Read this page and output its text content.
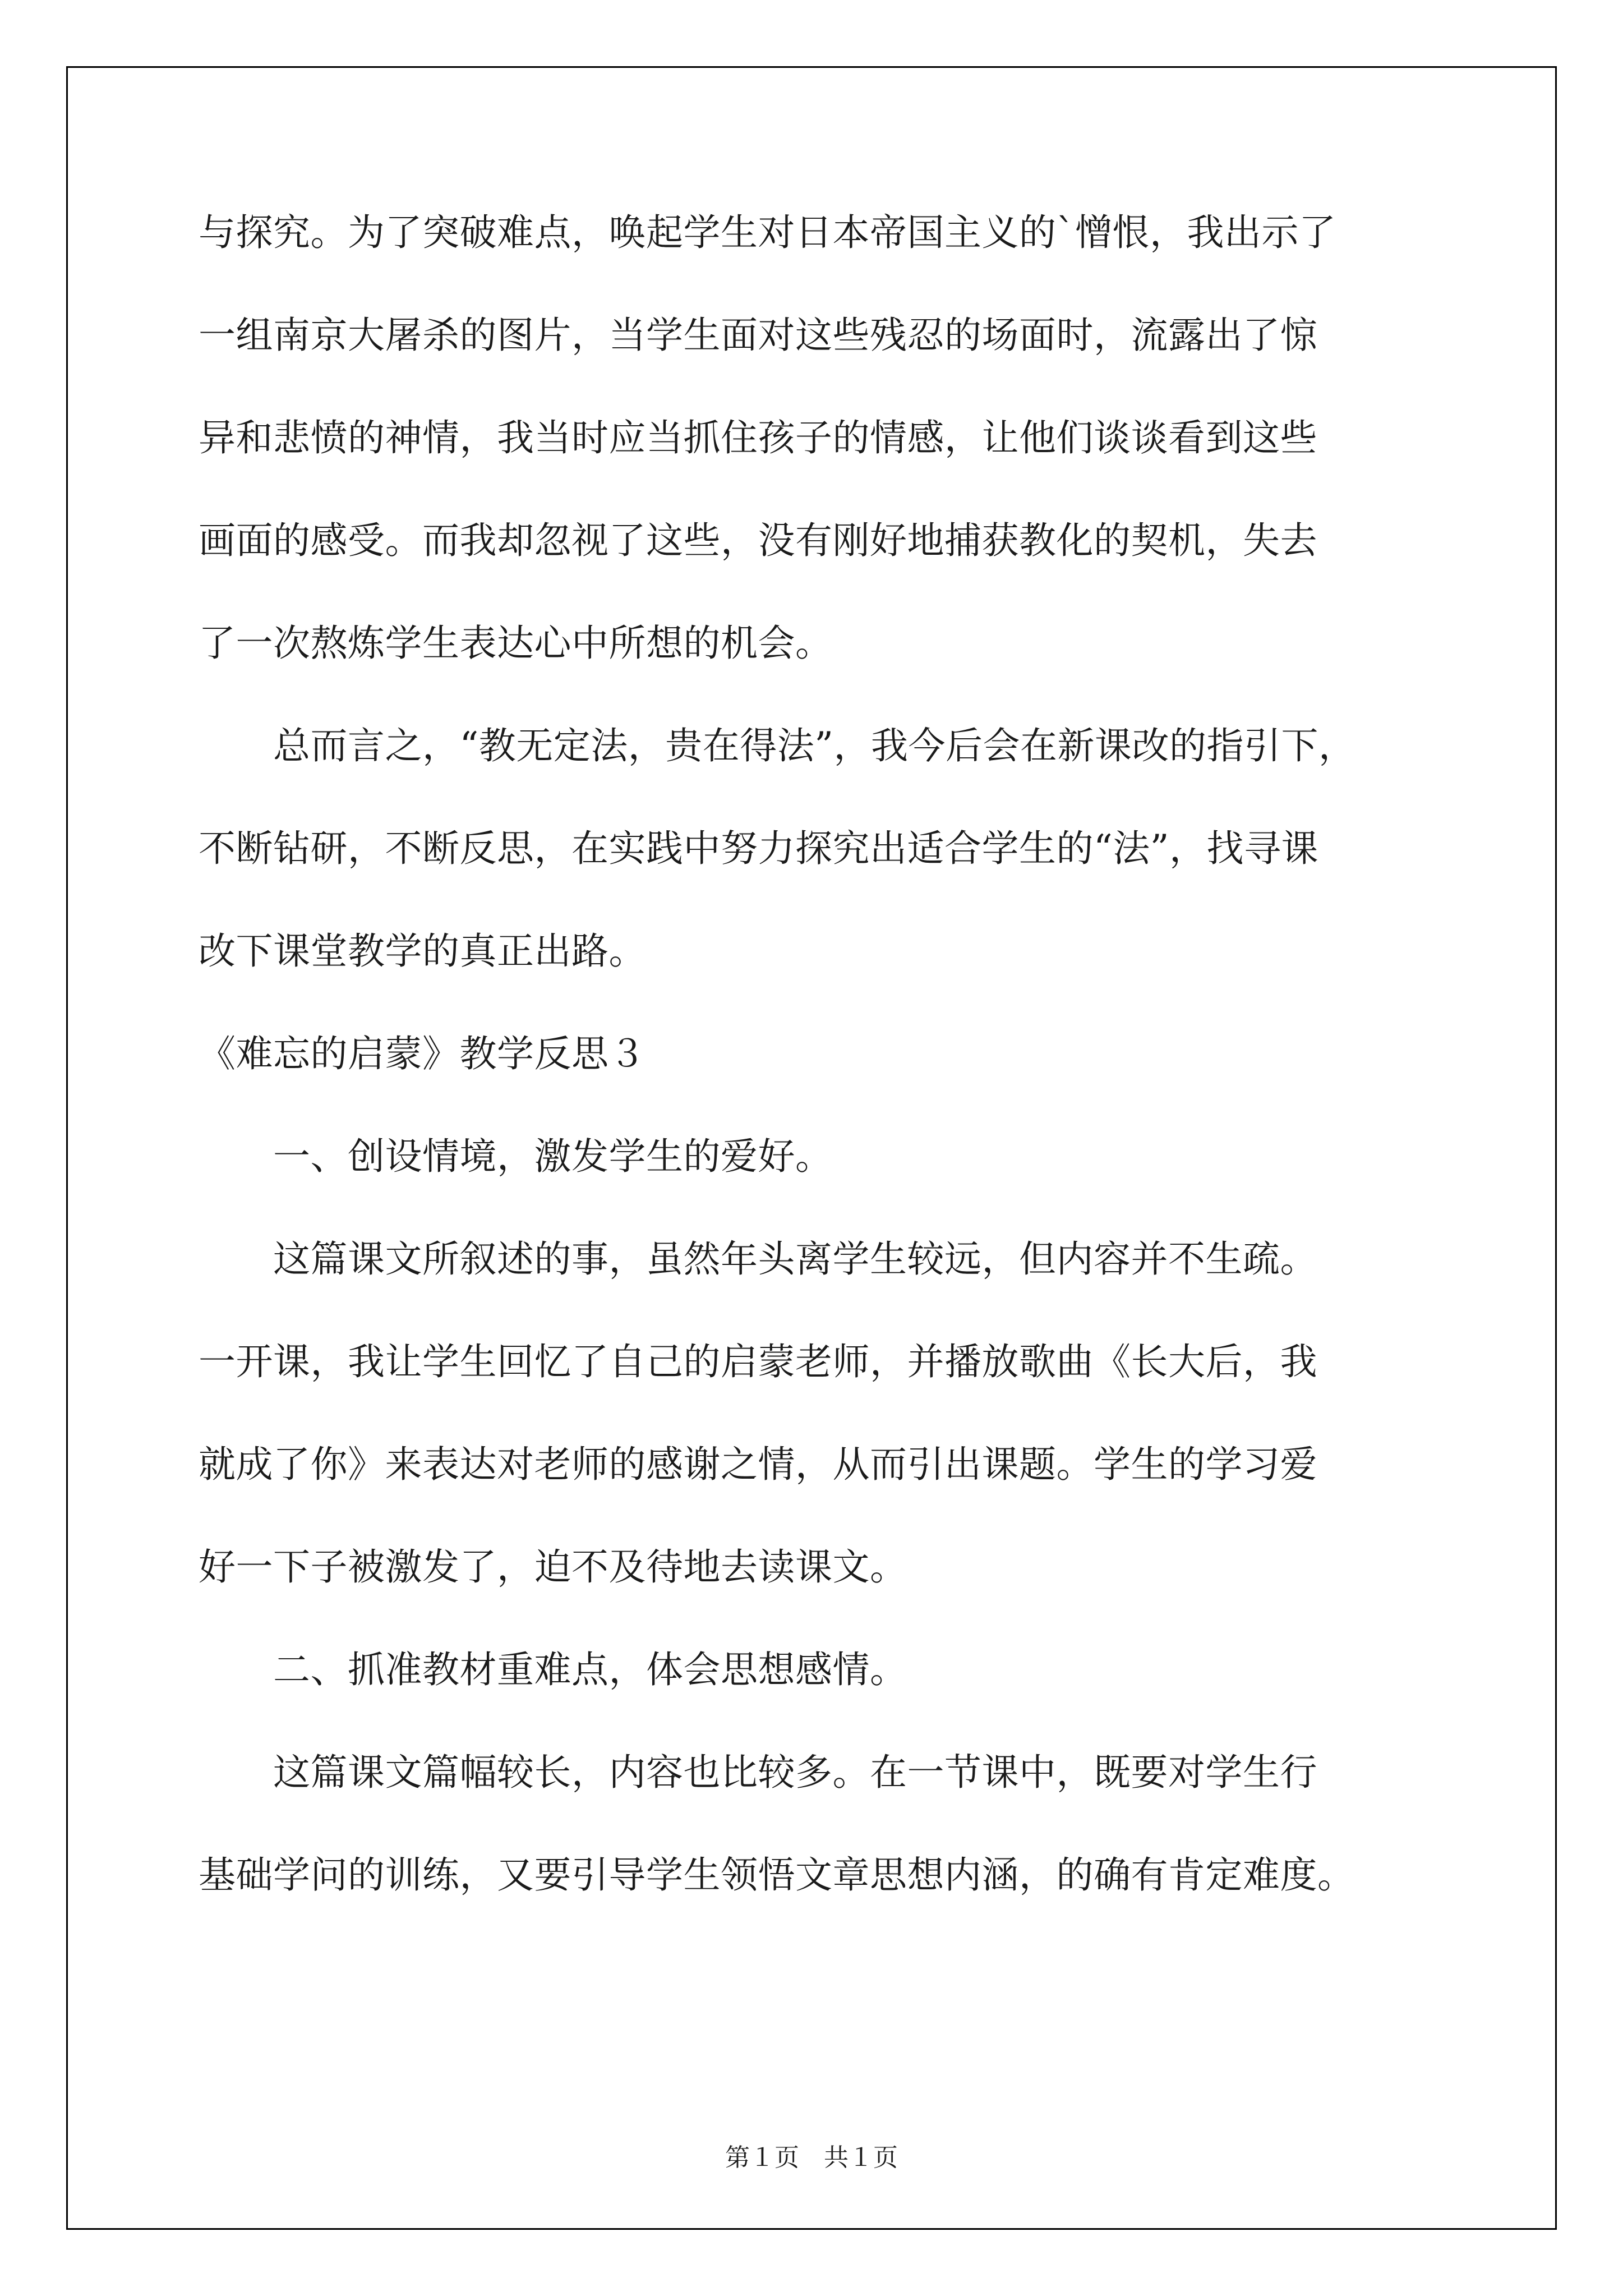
与探究。为了突破难点，唤起学生对日本帝国主义的`憎恨，我出示了

一组南京大屠杀的图片，当学生面对这些残忍的场面时，流露出了惊

异和悲愤的神情，我当时应当抓住孩子的情感，让他们谈谈看到这些

画面的感受。而我却忽视了这些，没有刚好地捕获教化的契机，失去

了一次熬炼学生表达心中所想的机会。

　　总而言之，“教无定法，贵在得法”，我今后会在新课改的指引下，

不断钻研，不断反思，在实践中努力探究出适合学生的“法”，找寻课

改下课堂教学的真正出路。

《难忘的启蒙》教学反思３

　　一、创设情境，激发学生的爱好。

　　这篇课文所叙述的事，虽然年头离学生较远，但内容并不生疏。

一开课，我让学生回忆了自己的启蒙老师，并播放歌曲《长大后，我

就成了你》来表达对老师的感谢之情，从而引出课题。学生的学习爱

好一下子被激发了，迫不及待地去读课文。

　　二、抓准教材重难点，体会思想感情。

　　这篇课文篇幅较长，内容也比较多。在一节课中，既要对学生行

基础学问的训练，又要引导学生领悟文章思想内涵，的确有肯定难度。

第１页　共１页
